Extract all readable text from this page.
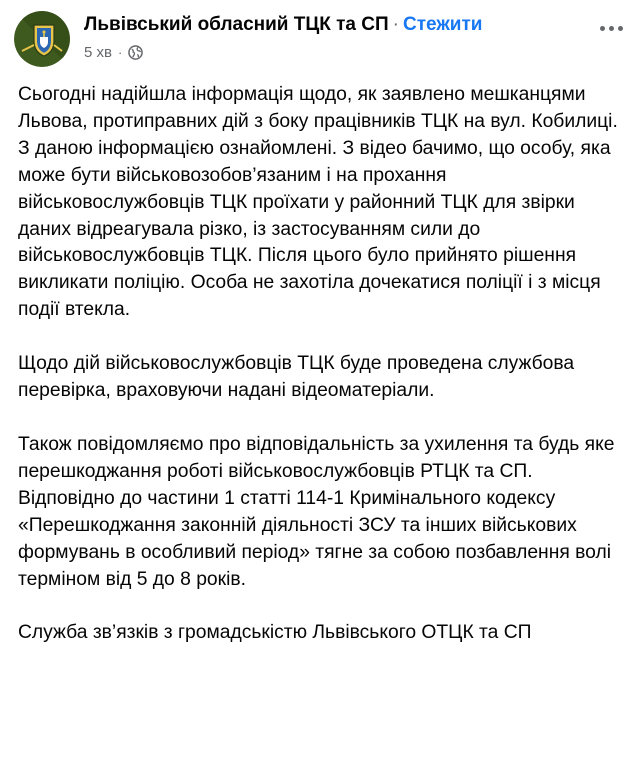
Львівський обласний ТЦК та СП · Стежити
5 хв ·

Сьогодні надійшла інформація щодо, як заявлено мешканцями Львова, протиправних дій з боку працівників ТЦК на вул. Кобилиці. З даною інформацією ознайомлені. З відео бачимо, що особу, яка може бути військовозобов’язаним і на прохання військовослужбовців ТЦК проїхати у районний ТЦК для звірки даних відреагувала різко, із застосуванням сили до військовослужбовців ТЦК. Після цього було прийнято рішення викликати поліцію. Особа не захотіла дочекатися поліції і з місця події втекла.

Щодо дій військовослужбовців ТЦК буде проведена службова перевірка, враховуючи надані відеоматеріали.

Також повідомляємо про відповідальність за ухилення та будь яке перешкоджання роботі військовослужбовців РТЦК та СП. Відповідно до частини 1 статті 114-1 Кримінального кодексу «Перешкоджання законній діяльності ЗСУ та інших військових формувань в особливий період» тягне за собою позбавлення волі терміном від 5 до 8 років.

Служба зв’язків з громадськістю Львівського ОТЦК та СП
